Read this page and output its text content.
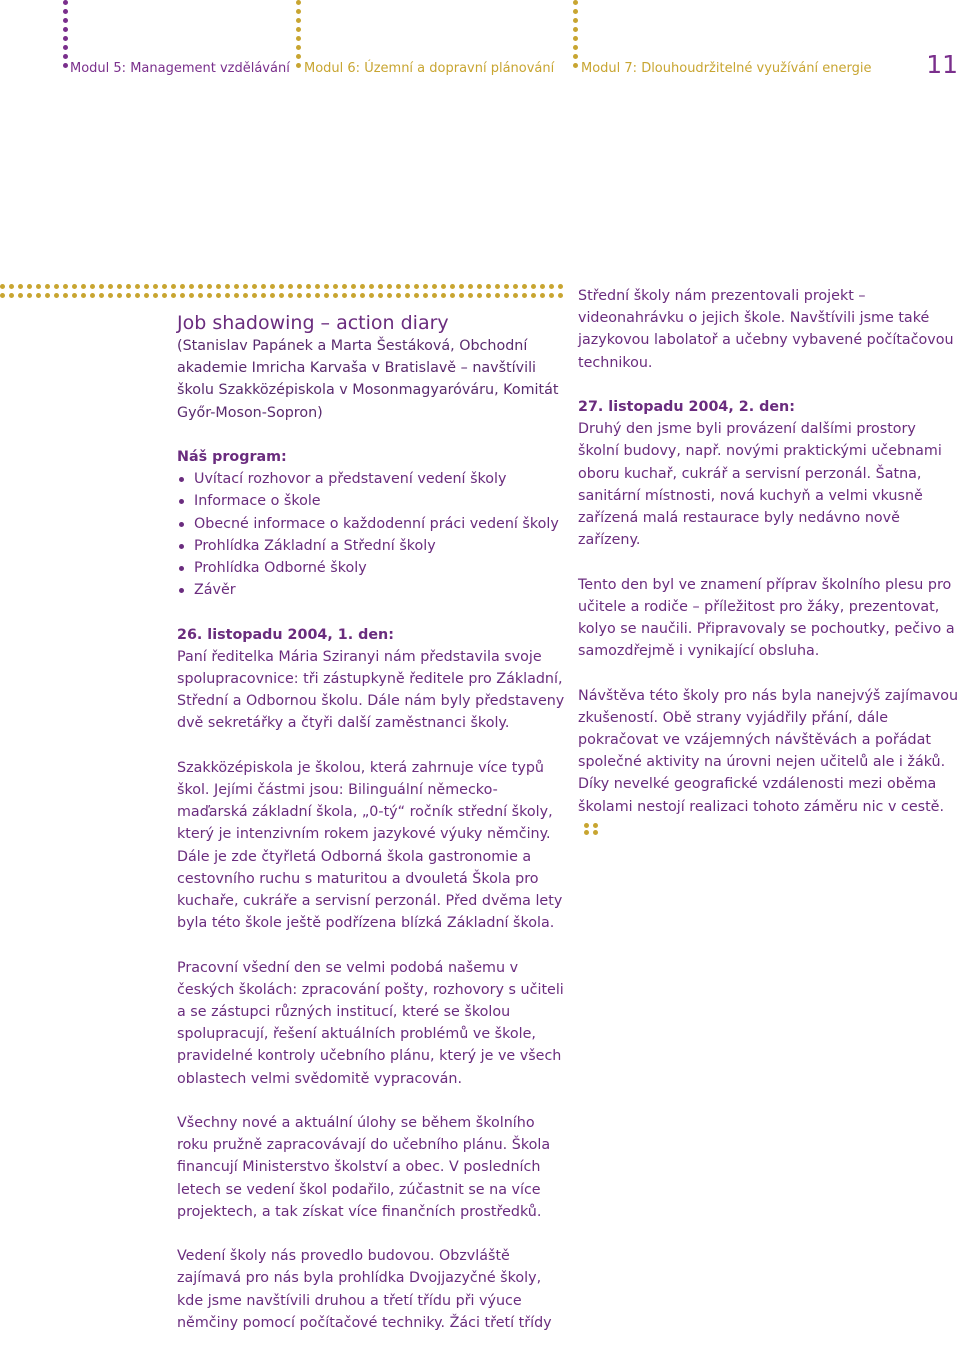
Modul 5: Management vzdělávání Modul 6: Územní a dopravní plánování Modul 7: Dlouhoudržitelné využívání energie 11
Job shadowing – action diary

(Stanislav Papánek a Marta Šestáková, Obchodní akademie Imricha Karvaša v Bratislavě – navštívili školu Szakközépiskola v Mosonmagyaróváru, Komitát Győr-Moson-Sopron)

Náš program:
Uvítací rozhovor a představení vedení školy
Informace o škole
Obecné informace o každodenní práci vedení školy
Prohlídka Základní a Střední školy
Prohlídka Odborné školy
Závěr
26. listopadu 2004, 1. den:

Paní ředitelka Mária Sziranyi nám představila svoje spolupracovnice: tři zástupkyně ředitele pro Základní, Střední a Odbornou školu. Dále nám byly představeny dvě sekretářky a čtyři další zaměstnanci školy.

Szakközépiskola je školou, která zahrnuje více typů škol. Jejími částmi jsou: Bilinguální německo-maďarská základní škola, „0-tý“ ročník střední školy, který je intenzivním rokem jazykové výuky němčiny. Dále je zde čtyřletá Odborná škola gastronomie a cestovního ruchu s maturitou a dvouletá Škola pro kuchaře, cukráře a servisní perzonál. Před dvěma lety byla této škole ještě podřízena blízká Základní škola.

Pracovní všední den se velmi podobá našemu v českých školách: zpracování pošty, rozhovory s učiteli a se zástupci různých institucí, které se školou spolupracují, řešení aktuálních problémů ve škole, pravidelné kontroly učebního plánu, který je ve všech oblastech velmi svědomitě vypracován.

Všechny nové a aktuální úlohy se během školního roku pružně zapracovávají do učebního plánu. Škola financují Ministerstvo školství a obec. V posledních letech se vedení škol podařilo, zúčastnit se na více projektech, a tak získat více finančních prostředků.

Vedení školy nás provedlo budovou. Obzvláště zajímavá pro nás byla prohlídka Dvojjazyčné školy, kde jsme navštívili druhou a třetí třídu při výuce němčiny pomocí počítačové techniky. Žáci třetí třídy

Střední školy nám prezentovali projekt – videonahrávku o jejich škole. Navštívili jsme také jazykovou labolatoř a učebny vybavené počítačovou technikou.

27. listopadu 2004, 2. den:

Druhý den jsme byli provázení dalšími prostory školní budovy, např. novými praktickými učebnami oboru kuchař, cukrář a servisní perzonál. Šatna, sanitární místnosti, nová kuchyň a velmi vkusně zařízená malá restaurace byly nedávno nově zařízeny.

Tento den byl ve znamení příprav školního plesu pro učitele a rodiče – příležitost pro žáky, prezentovat, kolyo se naučili. Připravovaly se pochoutky, pečivo a samozdřejmě i vynikající obsluha.

Návštěva této školy pro nás byla nanejvýš zajímavou zkušeností. Obě strany vyjádřily přání, dále pokračovat ve vzájemných návštěvách a pořádat společné aktivity na úrovni nejen učitelů ale i žáků. Díky nevelké geografické vzdálenosti mezi oběma školami nestojí realizaci tohoto záměru nic v cestě.
